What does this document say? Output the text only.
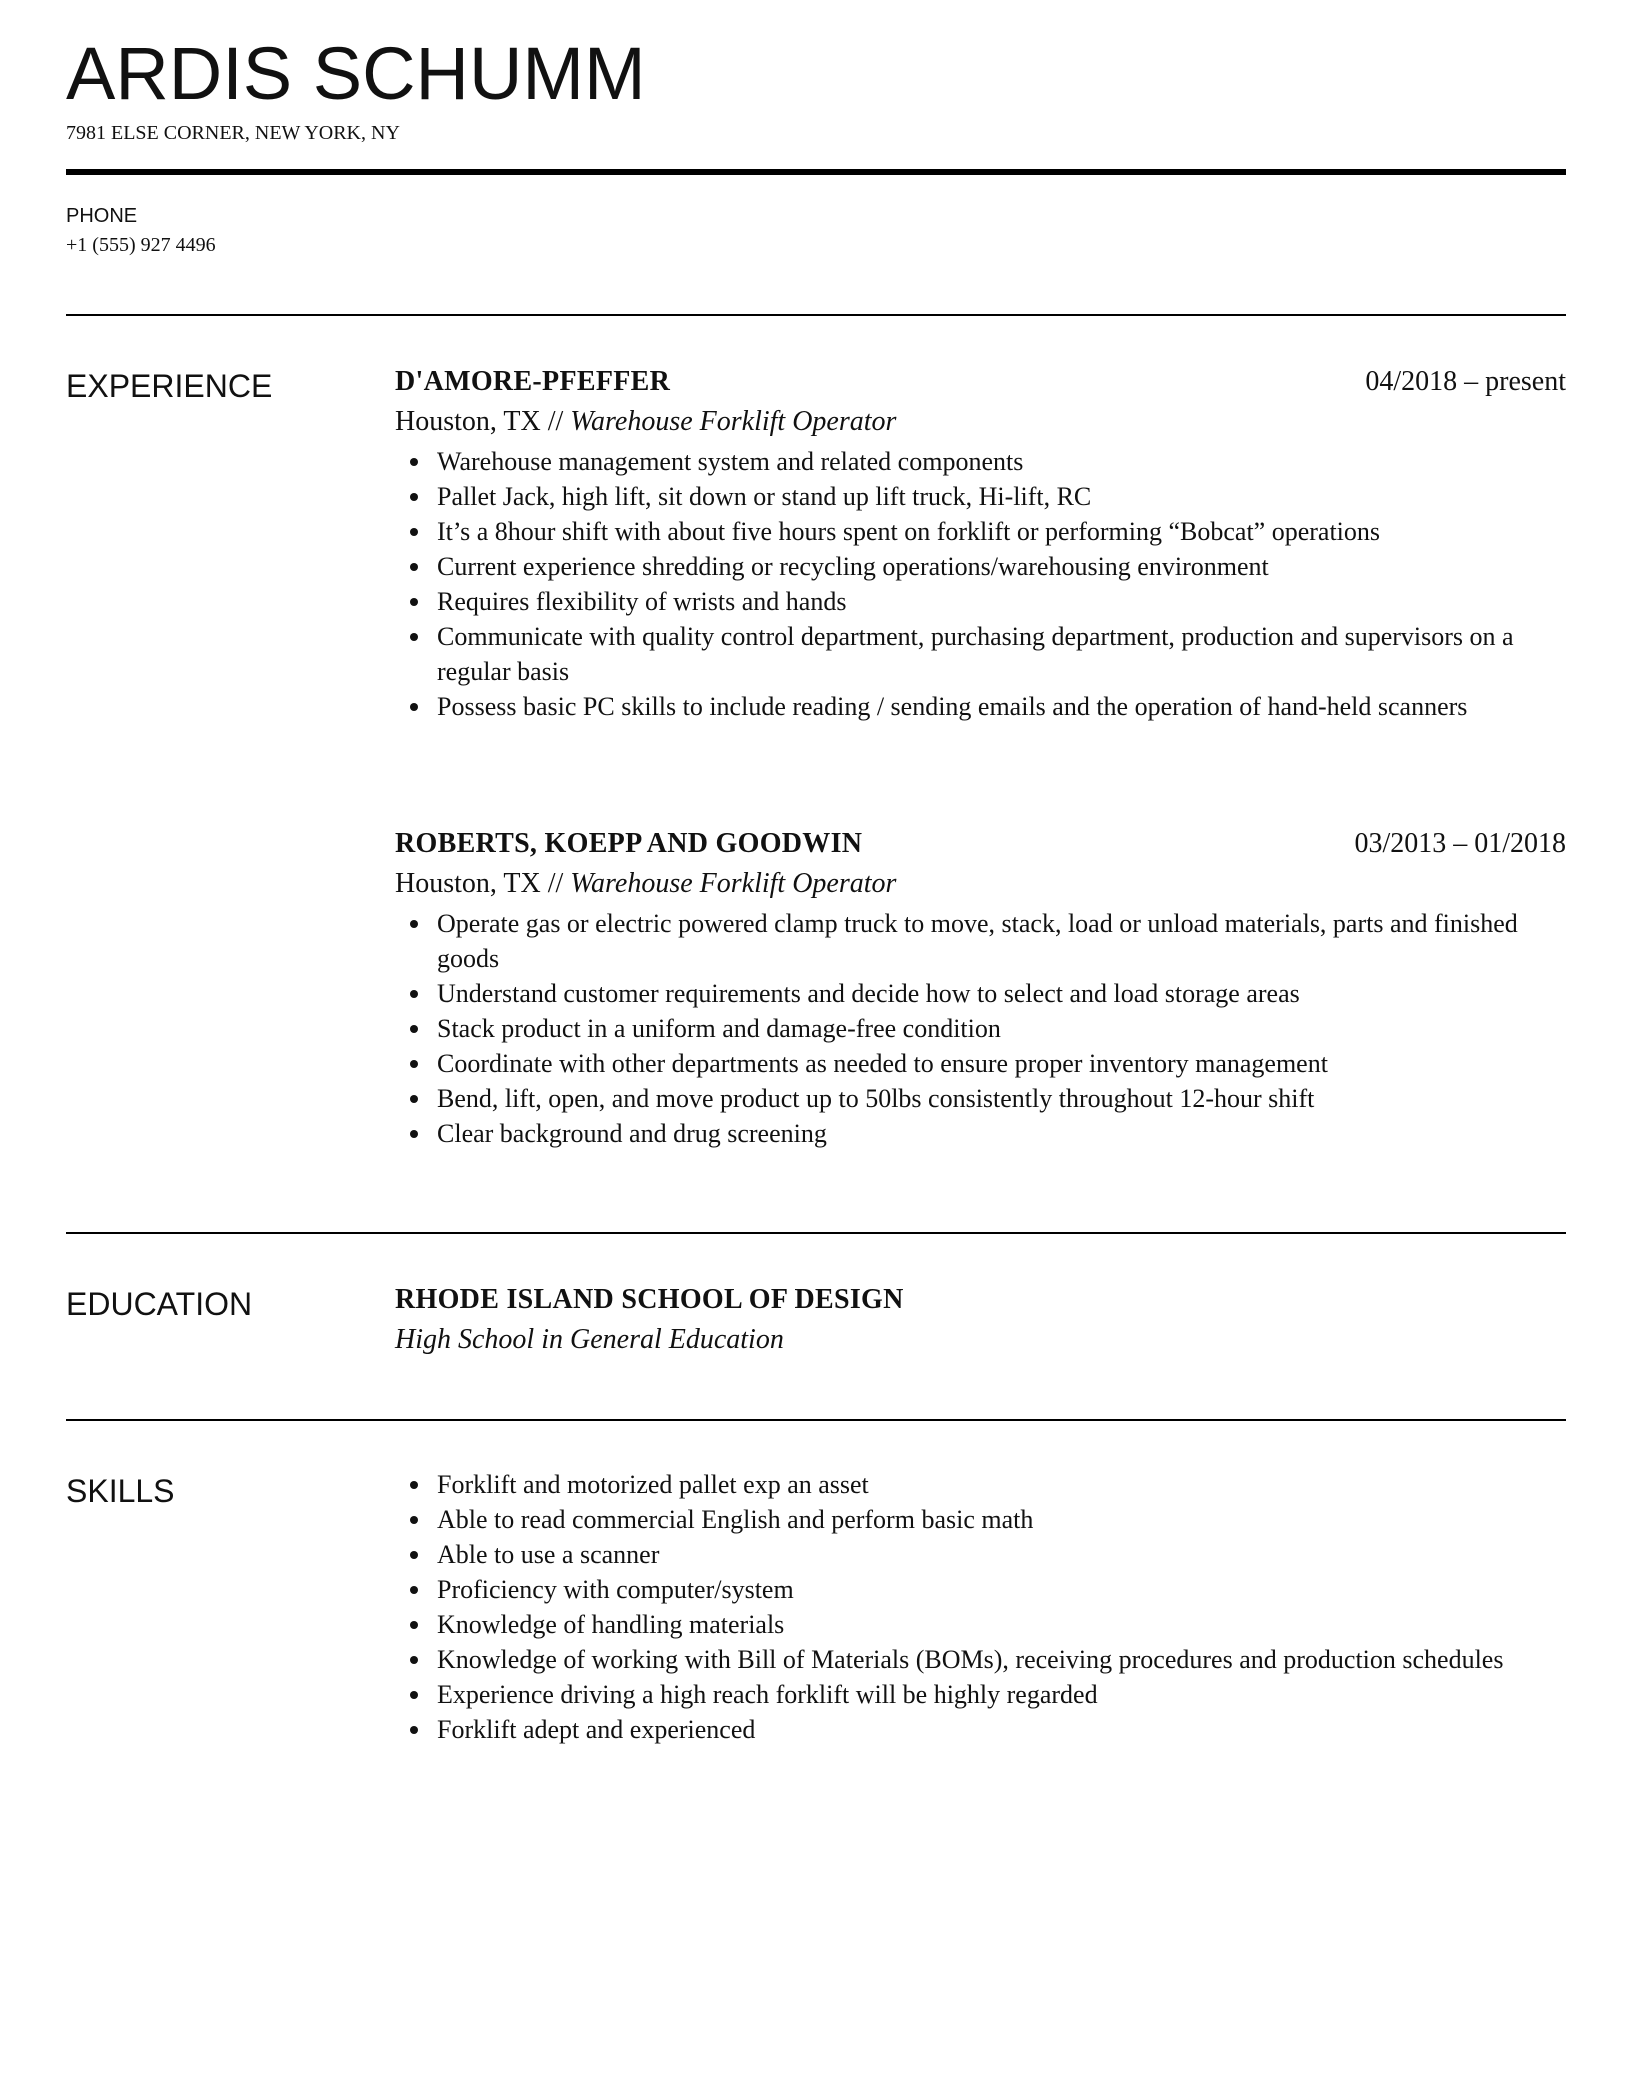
ARDIS SCHUMM
7981 ELSE CORNER, NEW YORK, NY
PHONE
+1 (555) 927 4496
EXPERIENCE	D'AMORE-PFEFFER	04/2018 – present
Houston, TX // Warehouse Forklift Operator
Warehouse management system and related components
Pallet Jack, high lift, sit down or stand up lift truck, Hi-lift, RC
It’s a 8hour shift with about five hours spent on forklift or performing “Bobcat” operations
Current experience shredding or recycling operations/warehousing environment
Requires flexibility of wrists and hands
Communicate with quality control department, purchasing department, production and supervisors on a regular basis
Possess basic PC skills to include reading / sending emails and the operation of hand-held scanners
ROBERTS, KOEPP AND GOODWIN	03/2013 – 01/2018
Houston, TX // Warehouse Forklift Operator
Operate gas or electric powered clamp truck to move, stack, load or unload materials, parts and finished goods
Understand customer requirements and decide how to select and load storage areas
Stack product in a uniform and damage-free condition
Coordinate with other departments as needed to ensure proper inventory management
Bend, lift, open, and move product up to 50lbs consistently throughout 12-hour shift
Clear background and drug screening
EDUCATION	RHODE ISLAND SCHOOL OF DESIGN
High School in General Education
SKILLS	Forklift and motorized pallet exp an asset
Able to read commercial English and perform basic math
Able to use a scanner
Proficiency with computer/system
Knowledge of handling materials
Knowledge of working with Bill of Materials (BOMs), receiving procedures and production schedules
Experience driving a high reach forklift will be highly regarded
Forklift adept and experienced
